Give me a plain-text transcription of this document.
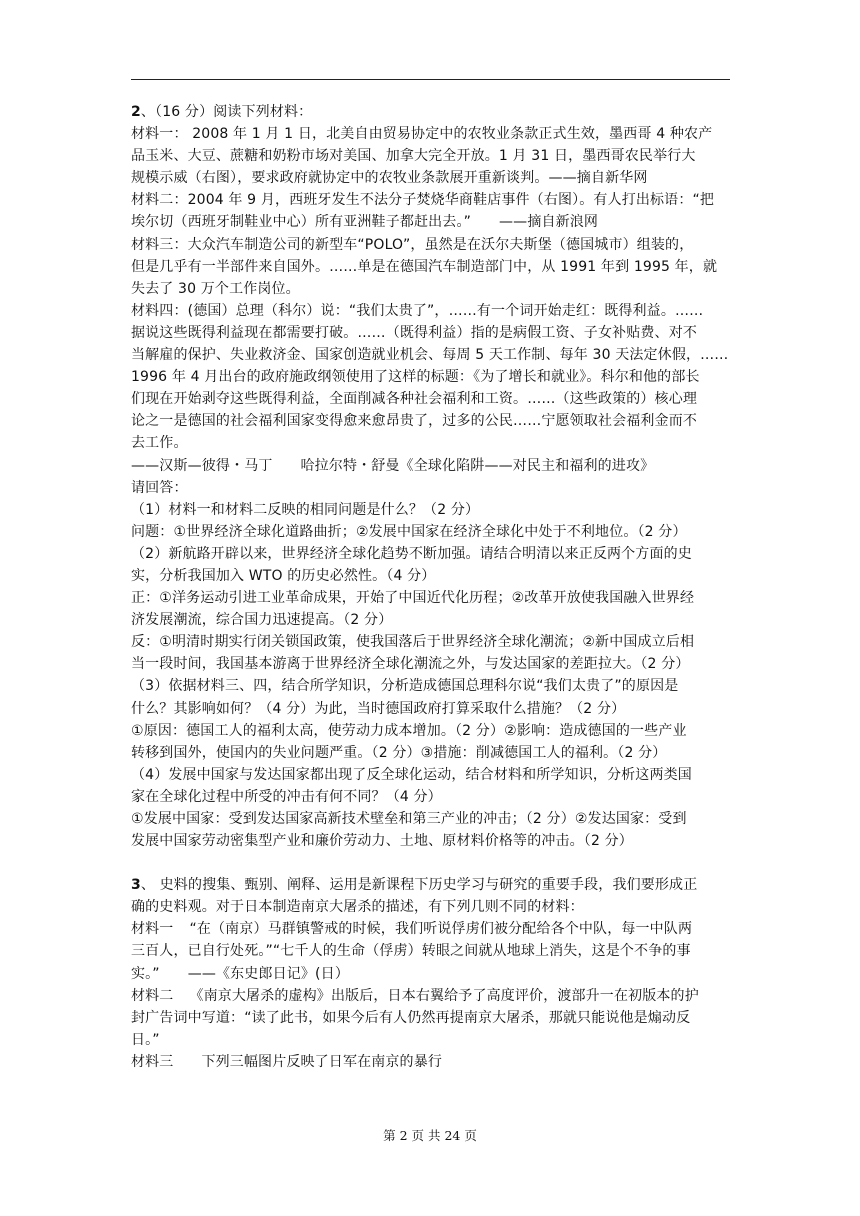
2、（16 分）阅读下列材料：

材料一： 2008 年 1 月 1 日，北美自由贸易协定中的农牧业条款正式生效，墨西哥 4 种农产

品玉米、大豆、蔗糖和奶粉市场对美国、加拿大完全开放。1 月 31 日，墨西哥农民举行大

规模示威（右图），要求政府就协定中的农牧业条款展开重新谈判。——摘自新华网

材料二：2004 年 9 月，西班牙发生不法分子焚烧华商鞋店事件（右图）。有人打出标语：“把

埃尔切（西班牙制鞋业中心）所有亚洲鞋子都赶出去。” ——摘自新浪网

材料三：大众汽车制造公司的新型车“POLO”，虽然是在沃尔夫斯堡（德国城市）组装的，

但是几乎有一半部件来自国外。……单是在德国汽车制造部门中，从 1991 年到 1995 年，就

失去了 30 万个工作岗位。

材料四：(德国）总理（科尔）说：“我们太贵了”，……有一个词开始走红：既得利益。……

据说这些既得利益现在都需要打破。……（既得利益）指的是病假工资、子女补贴费、对不

当解雇的保护、失业救济金、国家创造就业机会、每周 5 天工作制、每年 30 天法定休假，……

1996 年 4 月出台的政府施政纲领使用了这样的标题：《为了增长和就业》。科尔和他的部长

们现在开始剥夺这些既得利益，全面削减各种社会福利和工资。……（这些政策的）核心理

论之一是德国的社会福利国家变得愈来愈昂贵了，过多的公民……宁愿领取社会福利金而不

去工作。

——汉斯—彼得・马丁 哈拉尔特・舒曼《全球化陷阱——对民主和福利的进攻》

请回答：

（1）材料一和材料二反映的相同问题是什么？（2 分）

问题：①世界经济全球化道路曲折；②发展中国家在经济全球化中处于不利地位。（2 分）

（2）新航路开辟以来，世界经济全球化趋势不断加强。请结合明清以来正反两个方面的史

实，分析我国加入 WTO 的历史必然性。（4 分）

正：①洋务运动引进工业革命成果，开始了中国近代化历程；②改革开放使我国融入世界经

济发展潮流，综合国力迅速提高。（2 分）

反：①明清时期实行闭关锁国政策，使我国落后于世界经济全球化潮流；②新中国成立后相

当一段时间，我国基本游离于世界经济全球化潮流之外，与发达国家的差距拉大。（2 分）

（3）依据材料三、四，结合所学知识，分析造成德国总理科尔说“我们太贵了”的原因是

什么？其影响如何？（4 分）为此，当时德国政府打算采取什么措施？（2 分）

①原因：德国工人的福利太高，使劳动力成本增加。（2 分）②影响：造成德国的一些产业

转移到国外，使国内的失业问题严重。（2 分）③措施：削减德国工人的福利。（2 分）

（4）发展中国家与发达国家都出现了反全球化运动，结合材料和所学知识，分析这两类国

家在全球化过程中所受的冲击有何不同？（4 分）

①发展中国家：受到发达国家高新技术壁垒和第三产业的冲击；（2 分）②发达国家：受到

发展中国家劳动密集型产业和廉价劳动力、土地、原材料价格等的冲击。（2 分）

3、 史料的搜集、甄别、阐释、运用是新课程下历史学习与研究的重要手段，我们要形成正

确的史料观。对于日本制造南京大屠杀的描述，有下列几则不同的材料：

材料一 “在（南京）马群镇警戒的时候，我们听说俘虏们被分配给各个中队，每一中队两

三百人，已自行处死。”“七千人的生命（俘虏）转眼之间就从地球上消失，这是个不争的事

实。” ——《东史郎日记》(日）

材料二 《南京大屠杀的虚构》出版后，日本右翼给予了高度评价，渡部升一在初版本的护

封广告词中写道：“读了此书，如果今后有人仍然再提南京大屠杀，那就只能说他是煽动反

日。”

材料三 下列三幅图片反映了日军在南京的暴行

第 2 页 共 24 页
